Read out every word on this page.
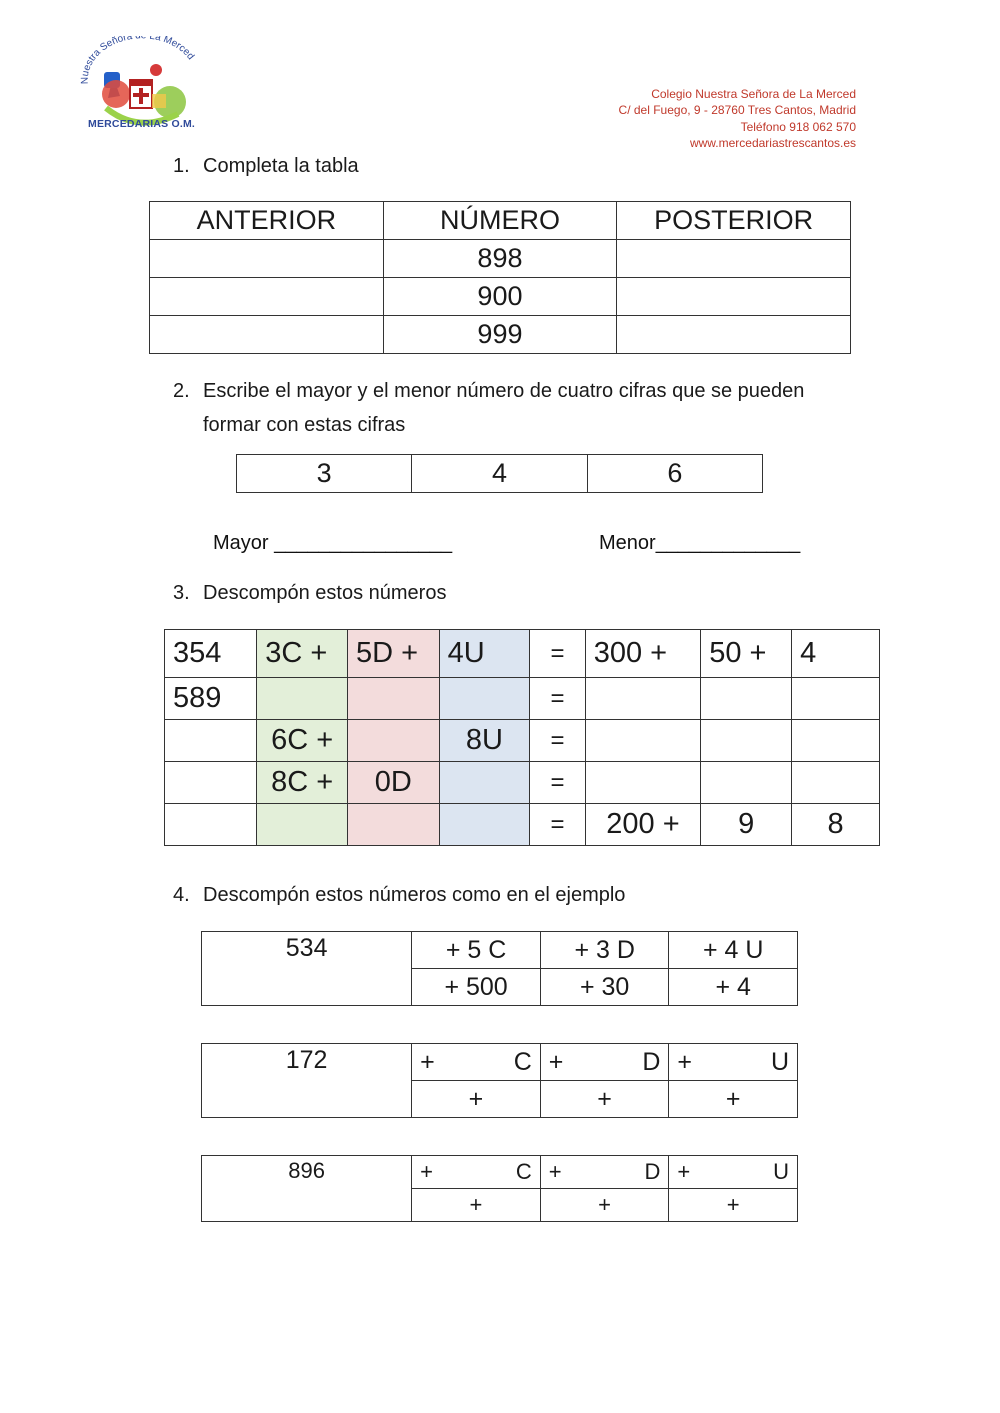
Nuestra Señora La Merced
MERCEDARIAS O.M.
Colegio Nuestra Señora de La Merced
C/ del Fuego, 9 - 28760 Tres Cantos, Madrid
Teléfono 918 062 570
www.mercedariastrescantos.es
1. Completa la tabla
ANTERIOR	NÚMERO	POSTERIOR
	898	
	900	
	999	
2. Escribe el mayor y el menor número de cuatro cifras que se pueden
formar con estas cifras
3	4	6
Mayor ________________	Menor_____________
3. Descompón estos números
354	3C +	5D +	4U	=	300 +	50 +	4
589				=			
	6C +		8U	=			
	8C +	0D		=			
				=	200 +	9	8
4. Descompón estos números como en el ejemplo
534	+ 5 C	+ 3 D	+ 4 U
	+ 500	+ 30	+ 4
172	+ C	+ D	+ U

	+	+	+
896	+ C	+ D	+ U

	+	+	+
